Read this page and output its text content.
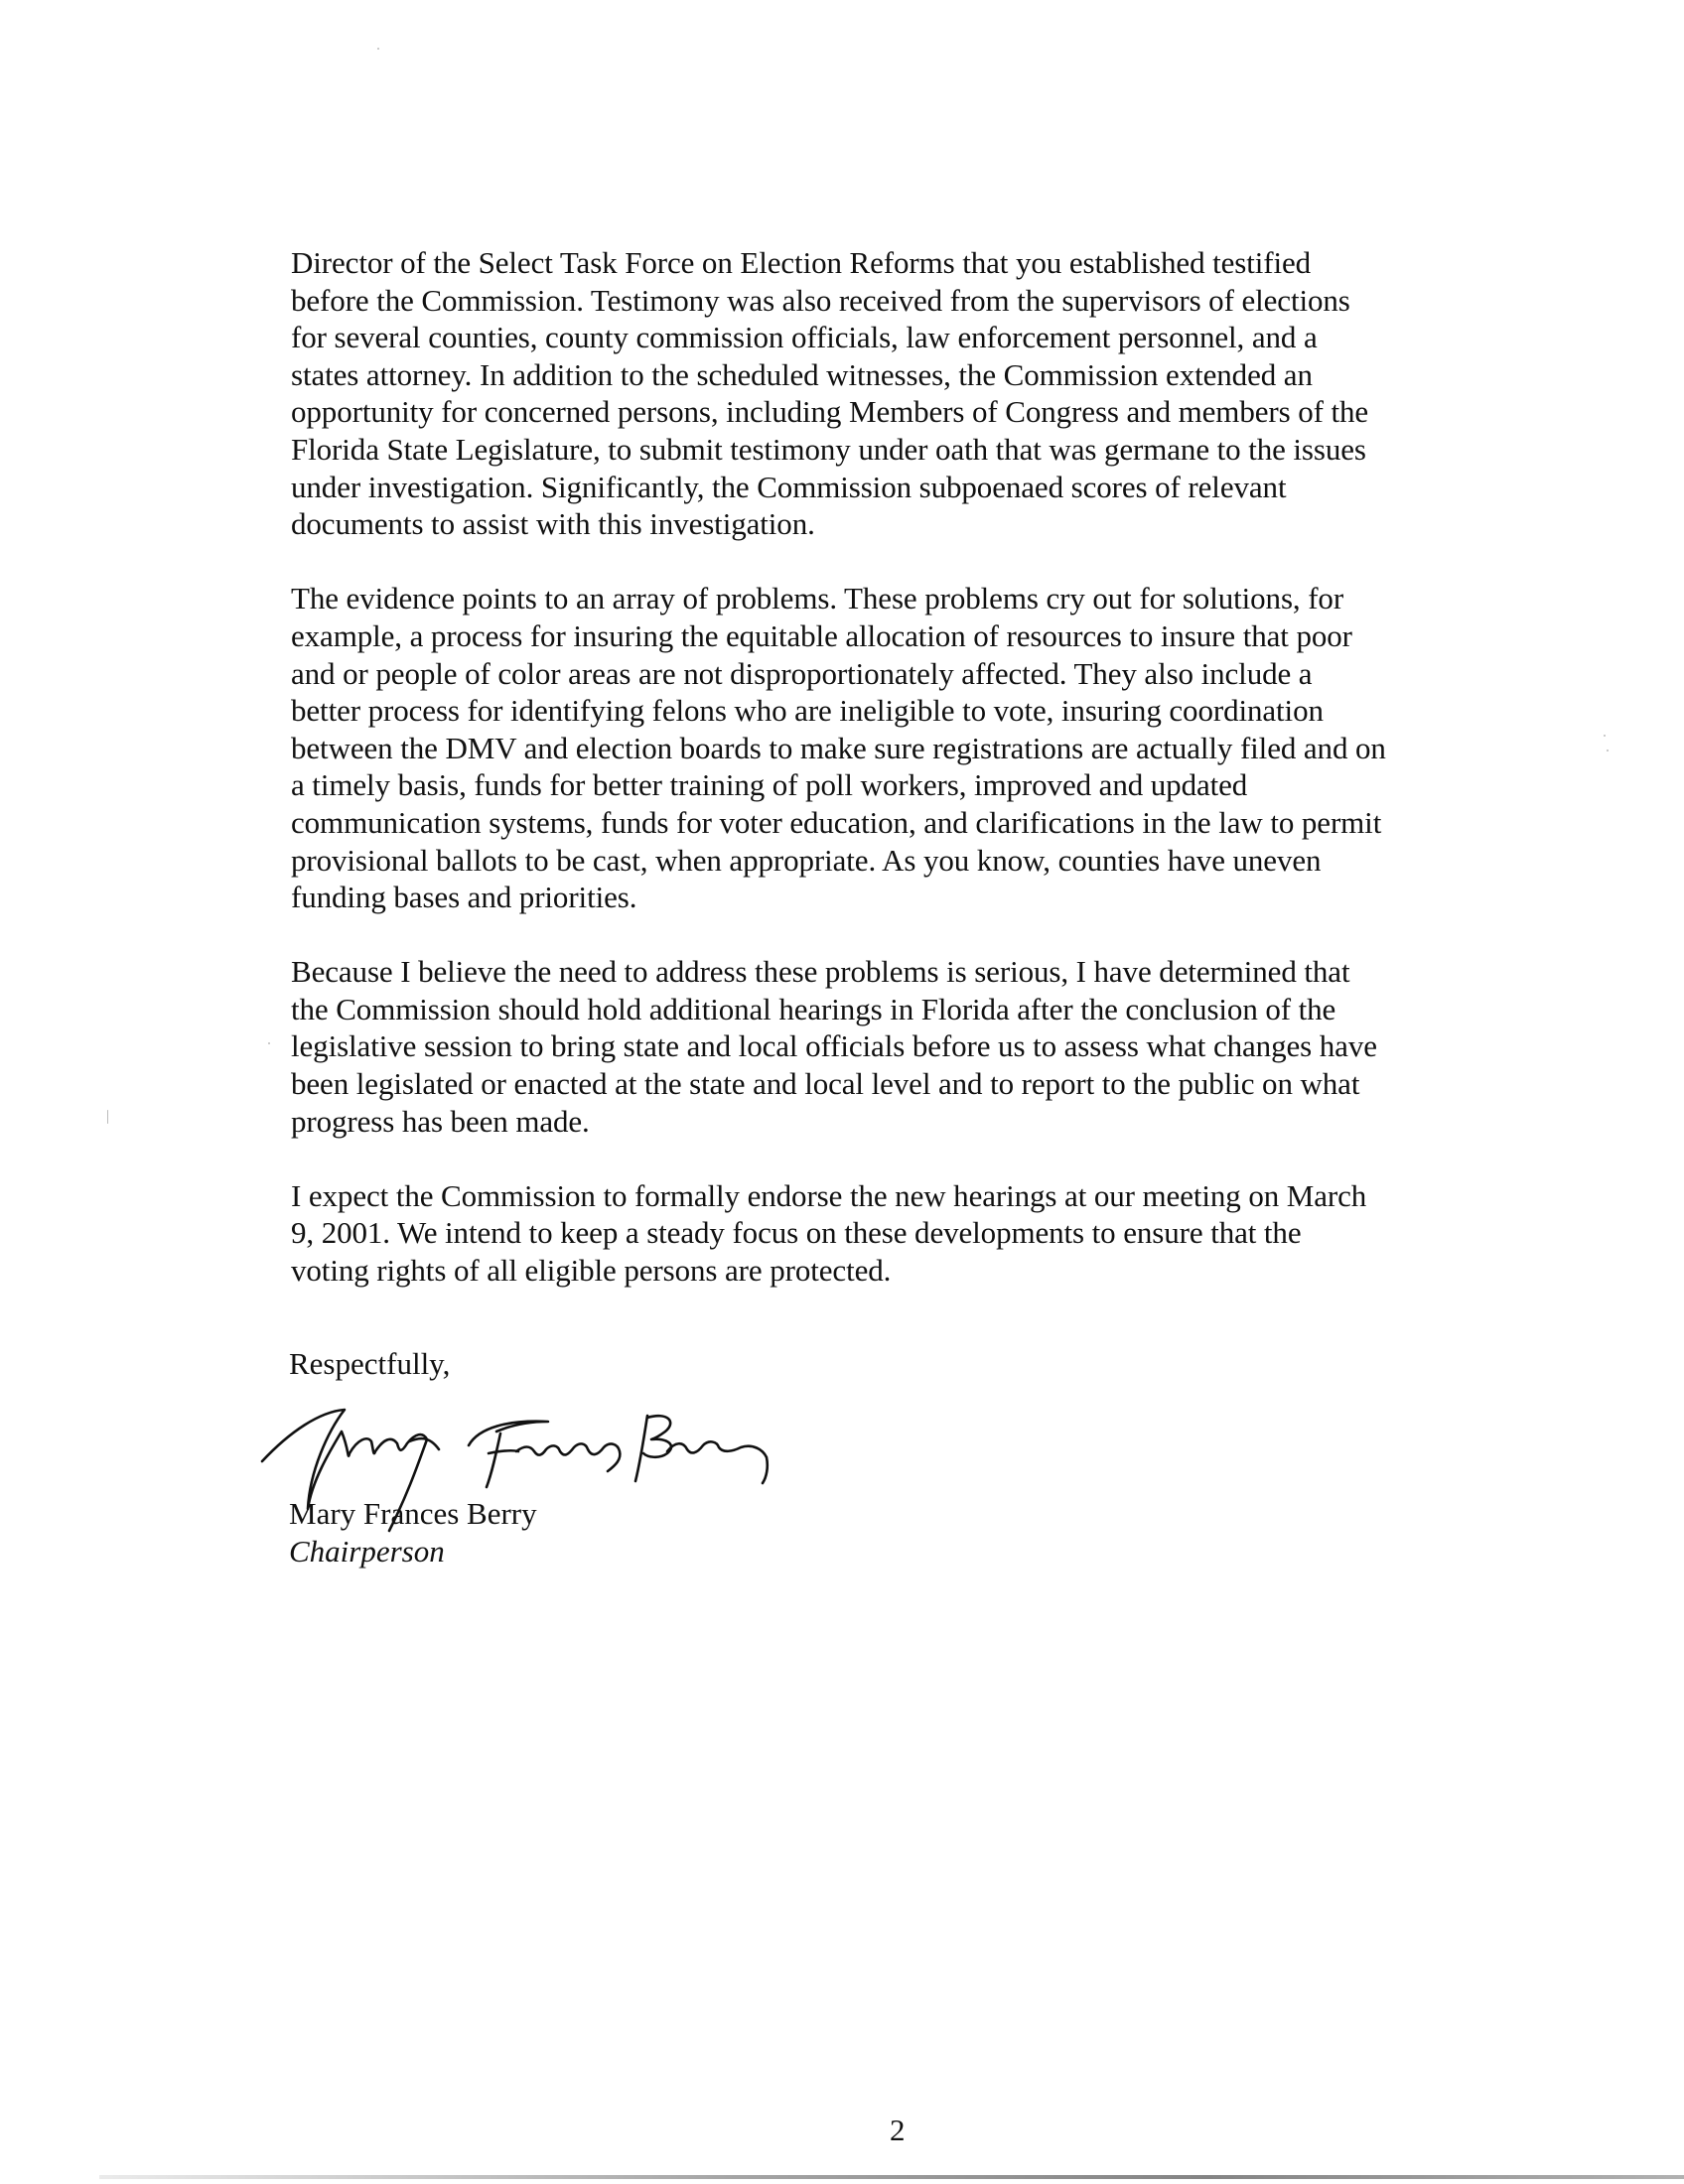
Director of the Select Task Force on Election Reforms that you established testified
before the Commission. Testimony was also received from the supervisors of elections
for several counties, county commission officials, law enforcement personnel, and a
states attorney. In addition to the scheduled witnesses, the Commission extended an
opportunity for concerned persons, including Members of Congress and members of the
Florida State Legislature, to submit testimony under oath that was germane to the issues
under investigation. Significantly, the Commission subpoenaed scores of relevant
documents to assist with this investigation.

The evidence points to an array of problems. These problems cry out for solutions, for
example, a process for insuring the equitable allocation of resources to insure that poor
and or people of color areas are not disproportionately affected. They also include a
better process for identifying felons who are ineligible to vote, insuring coordination
between the DMV and election boards to make sure registrations are actually filed and on
a timely basis, funds for better training of poll workers, improved and updated
communication systems, funds for voter education, and clarifications in the law to permit
provisional ballots to be cast, when appropriate. As you know, counties have uneven
funding bases and priorities.

Because I believe the need to address these problems is serious, I have determined that
the Commission should hold additional hearings in Florida after the conclusion of the
legislative session to bring state and local officials before us to assess what changes have
been legislated or enacted at the state and local level and to report to the public on what
progress has been made.

I expect the Commission to formally endorse the new hearings at our meeting on March
9, 2001. We intend to keep a steady focus on these developments to ensure that the
voting rights of all eligible persons are protected.

Respectfully,
Mary Frances Berry
Chairperson
2
